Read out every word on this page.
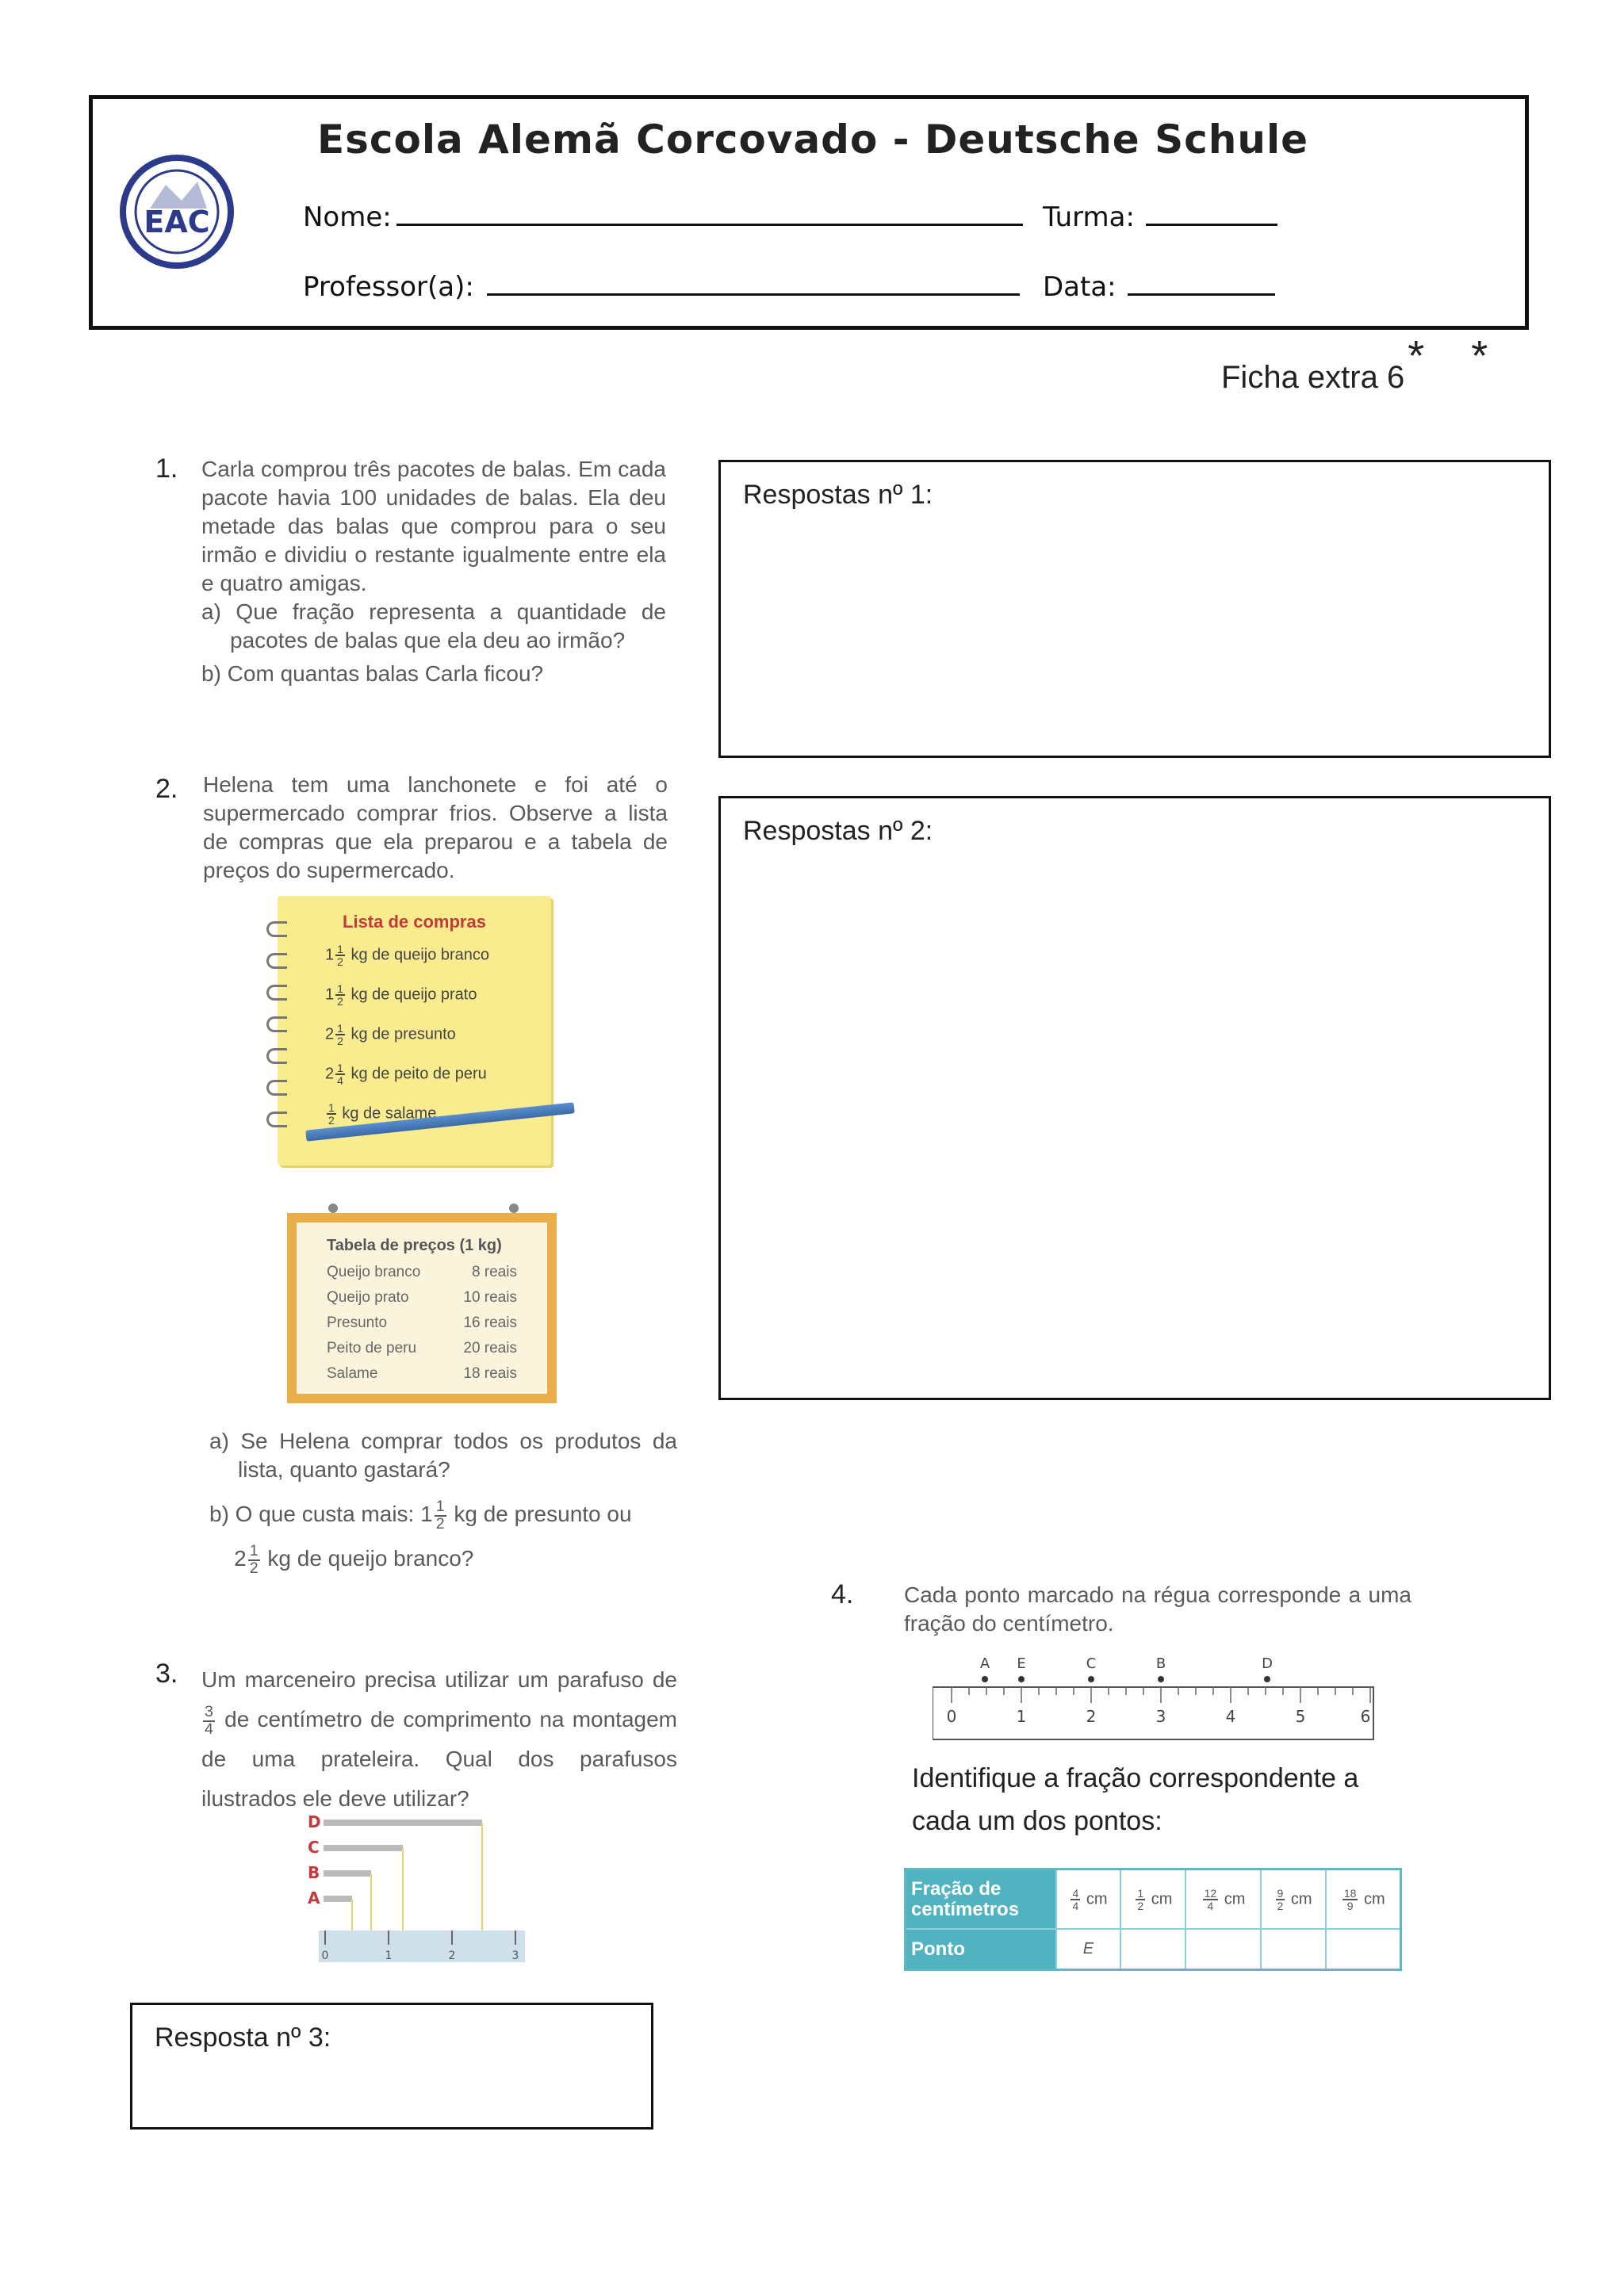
EAC
Escola Alemã Corcovado - Deutsche Schule
Nome:	Turma:
Professor(a):	Data:
Ficha extra 6* *
1. Carla comprou três pacotes de balas. Em cada pacote havia 100 unidades de balas. Ela deu metade das balas que comprou para o seu irmão e dividiu o restante igualmente entre ela e quatro amigas.

a) Que fração representa a quantidade de pacotes de balas que ela deu ao irmão?

b) Com quantas balas Carla ficou?

Respostas nº 1:
2. Helena tem uma lanchonete e foi até o supermercado comprar frios. Observe a lista de compras que ela preparou e a tabela de preços do supermercado.
Lista de compras
$1 \frac{1}{2}$ kg de queijo branco
$1 \frac{1}{2}$ kg de queijo prato
$2 \frac{1}{2}$ kg de presunto
$2 \frac{1}{4}$ kg de peito de peru
$\frac{1}{2}$ kg de salame
Tabela de preços (1 kg)
Queijo branco	8 reais
Queijo prato	10 reais
Presunto	16 reais
Peito de peru	20 reais
Salame	18 reais

a) Se Helena comprar todos os produtos da lista, quanto gastará?

b) O que custa mais: $1 \frac{1}{2}$ kg de presunto ou
$2 \frac{1}{2}$ kg de queijo branco?
Respostas nº 2:
3. Um marceneiro precisa utilizar um parafuso de
$\frac{3}{4}$ de centímetro de comprimento na montagem de uma prateleira. Qual dos parafusos ilustrados ele deve utilizar?
D
C
B
A
0	1	2	3
Resposta nº 3:
4. Cada ponto marcado na régua corresponde a uma fração do centímetro.
A E	C	B	D
0	1	2	3	4	5	6
Identifique a fração correspondente a cada um dos pontos:
Fração de centímetros	$\frac{4}{4}$ cm	$\frac{1}{2}$ cm	$\frac{12}{4}$ cm	$\frac{9}{2}$ cm	$\frac{18}{9}$ cm
Ponto	E				
